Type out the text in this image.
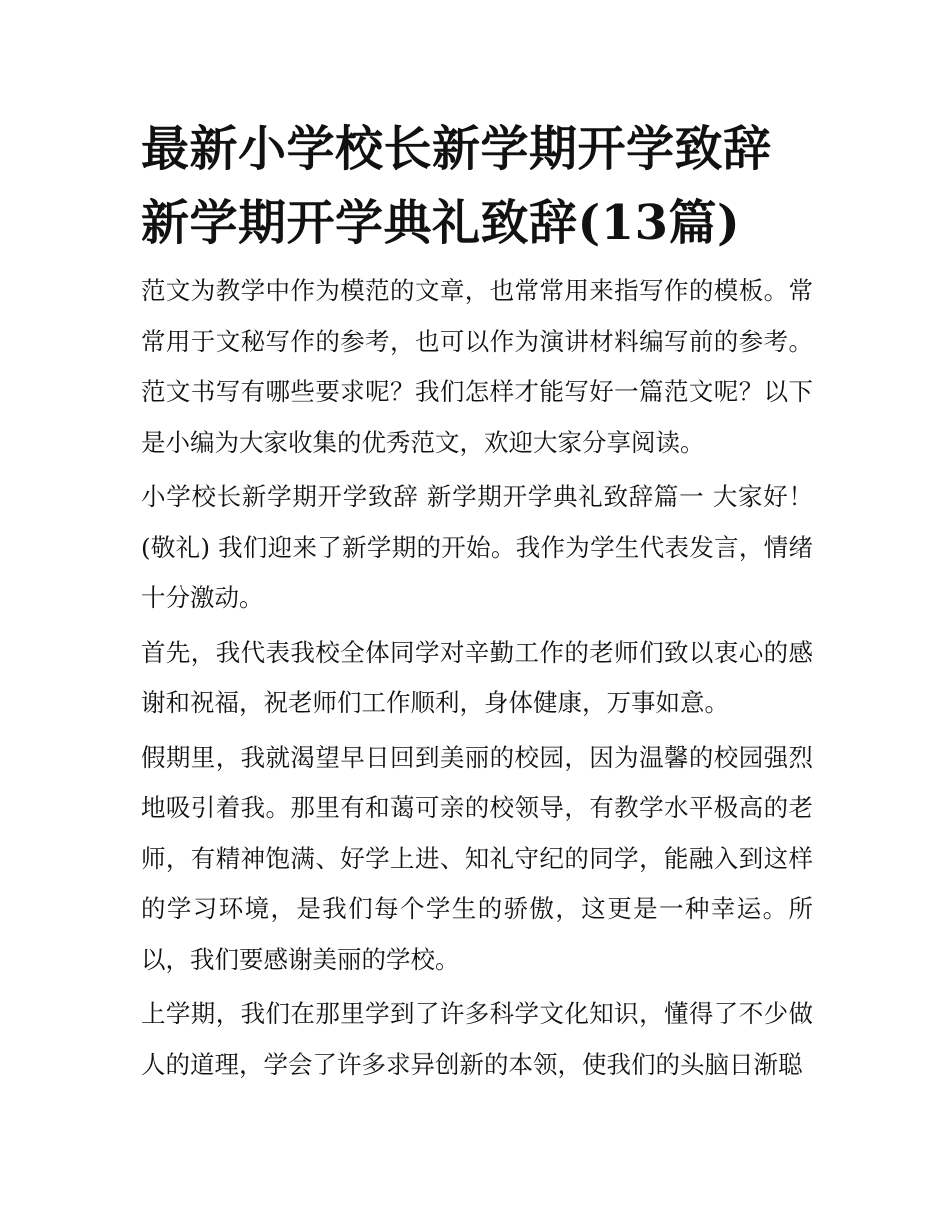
最新小学校长新学期开学致辞
新学期开学典礼致辞(13篇)

范文为教学中作为模范的文章，也常常用来指写作的模板。常常用于文秘写作的参考，也可以作为演讲材料编写前的参考。范文书写有哪些要求呢？我们怎样才能写好一篇范文呢？以下是小编为大家收集的优秀范文，欢迎大家分享阅读。

小学校长新学期开学致辞 新学期开学典礼致辞篇一 大家好！(敬礼) 我们迎来了新学期的开始。我作为学生代表发言，情绪十分激动。

首先，我代表我校全体同学对辛勤工作的老师们致以衷心的感谢和祝福，祝老师们工作顺利，身体健康，万事如意。

假期里，我就渴望早日回到美丽的校园，因为温馨的校园强烈地吸引着我。那里有和蔼可亲的校领导，有教学水平极高的老师，有精神饱满、好学上进、知礼守纪的同学，能融入到这样的学习环境，是我们每个学生的骄傲，这更是一种幸运。所以，我们要感谢美丽的学校。

上学期，我们在那里学到了许多科学文化知识，懂得了不少做人的道理，学会了许多求异创新的本领，使我们的头脑日渐聪
